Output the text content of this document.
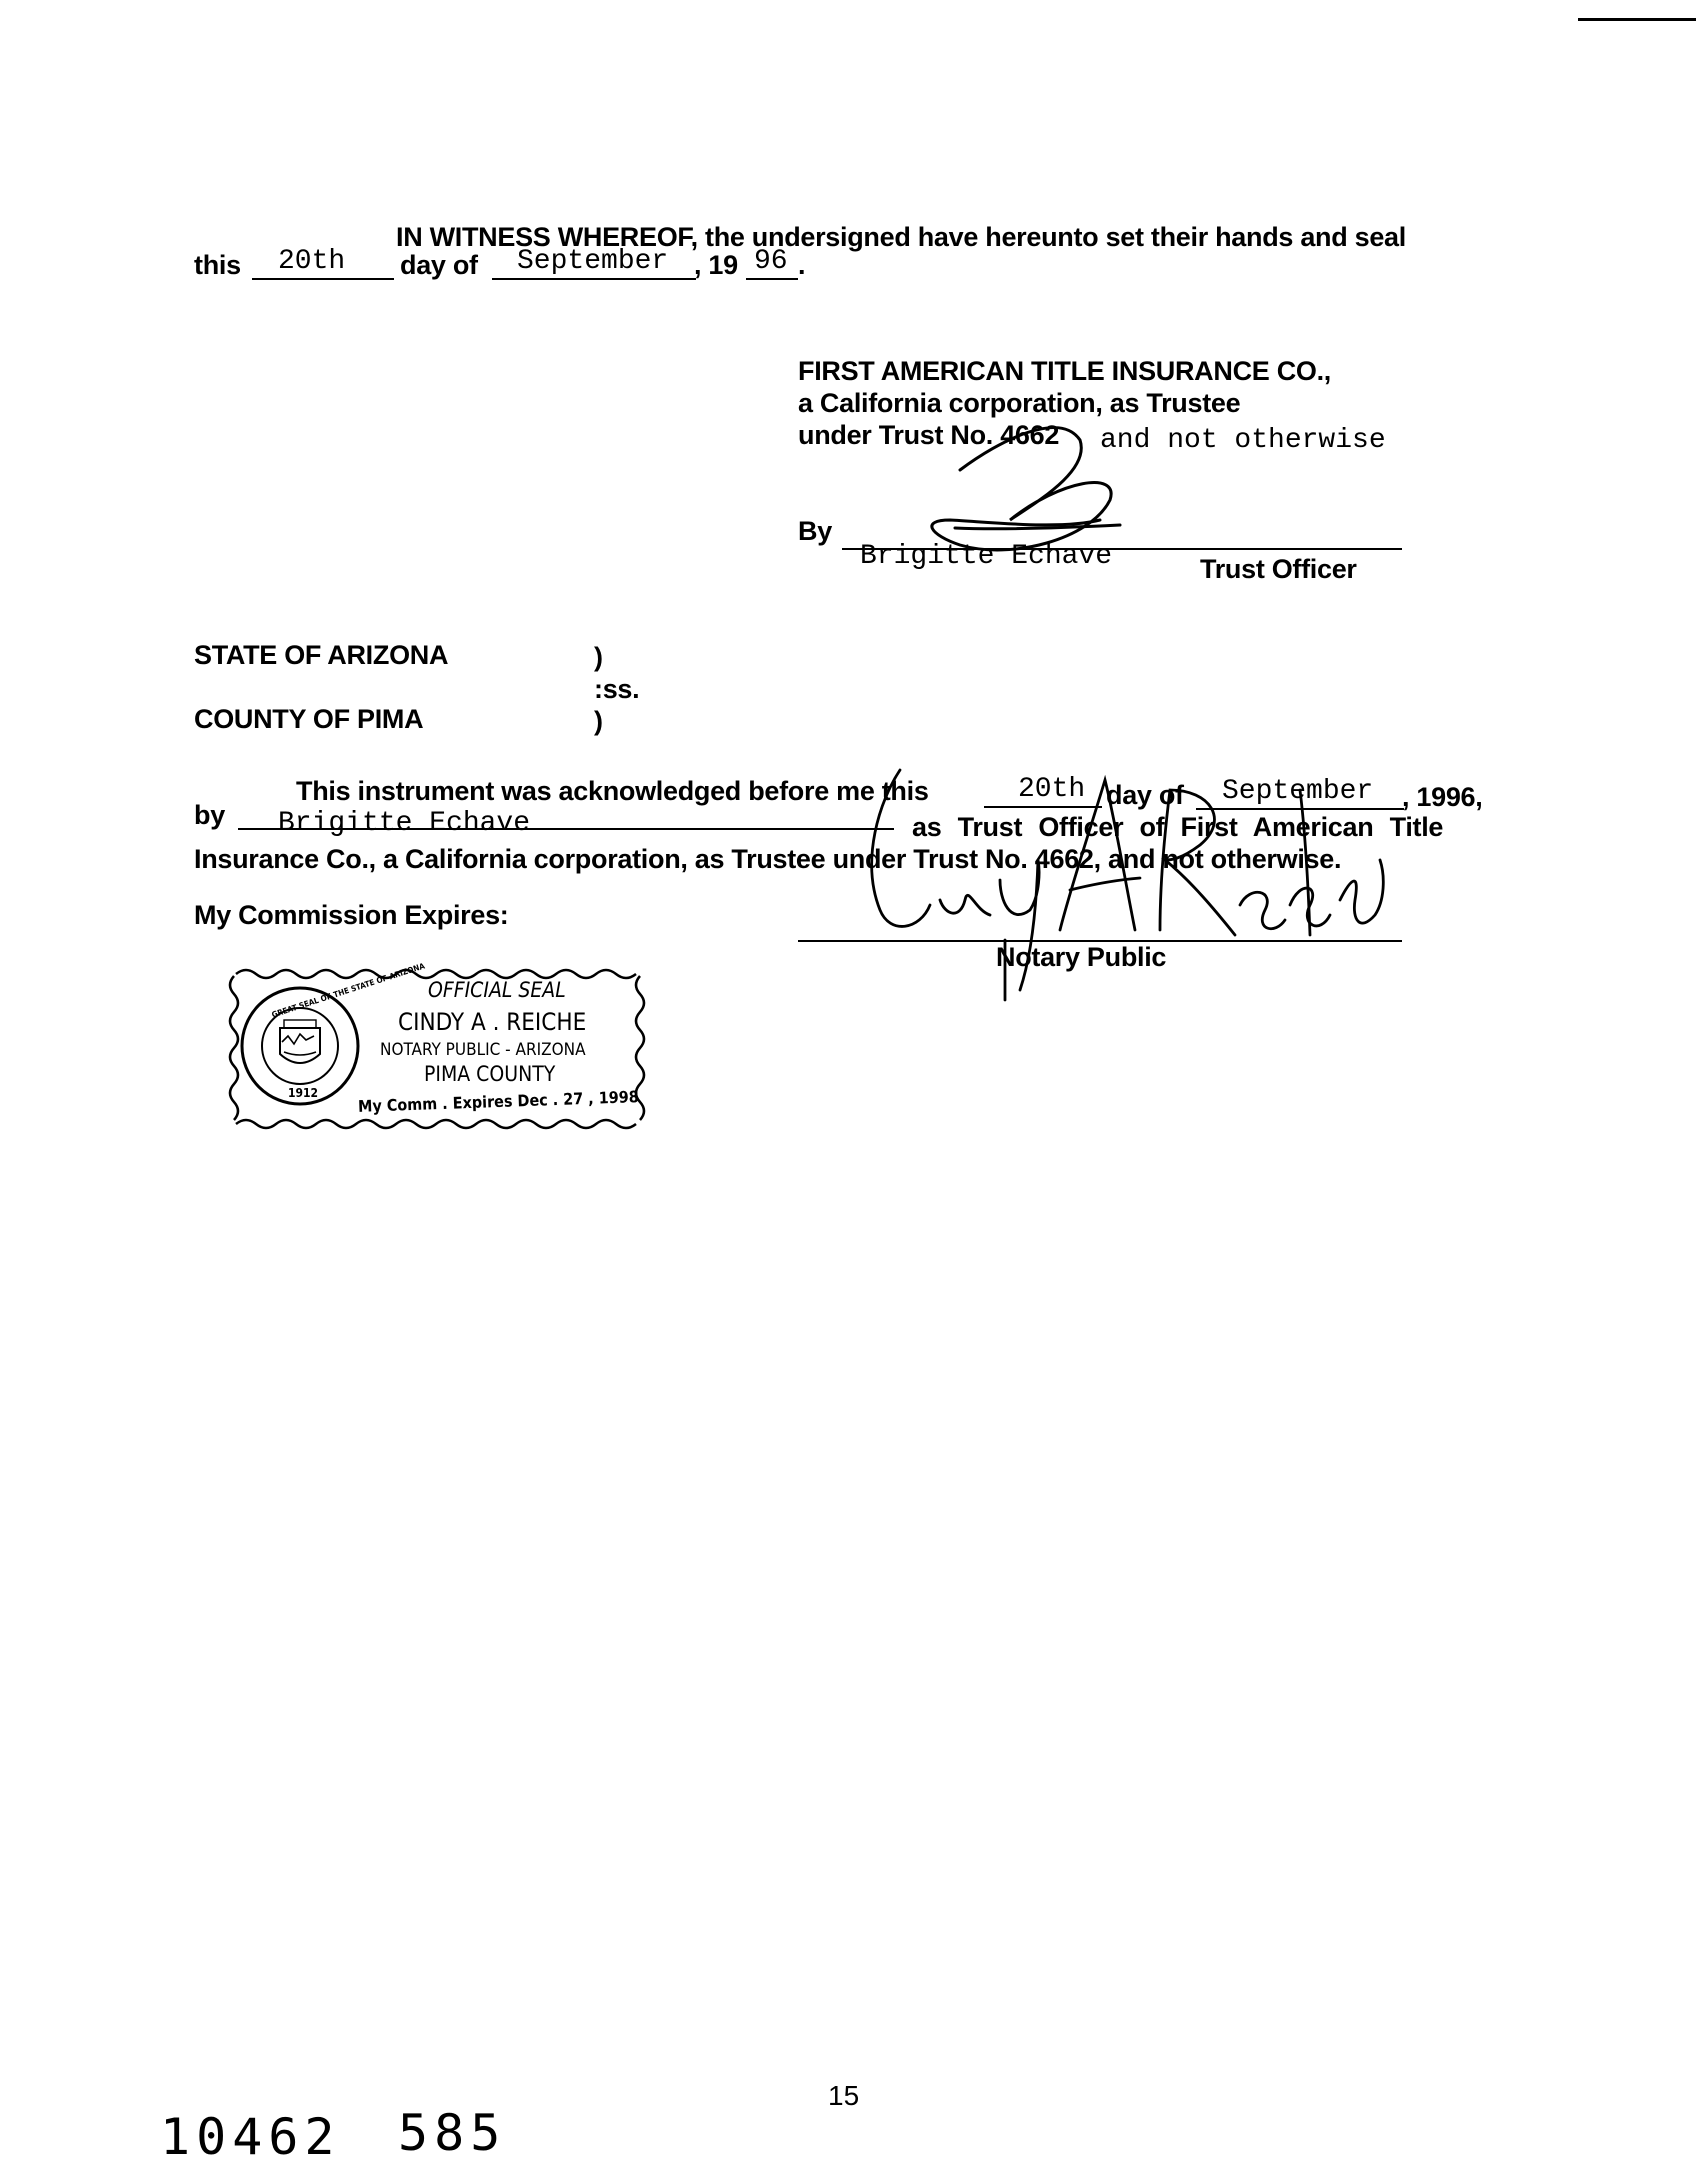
IN WITNESS WHEREOF, the undersigned have hereunto set their hands and seal
this 20th day of September , 19 96 .
FIRST AMERICAN TITLE INSURANCE CO.,
a California corporation, as Trustee
under Trust No. 4662 and not otherwise
By
Brigitte Echave	Trust Officer
STATE OF ARIZONA	)
:ss.
COUNTY OF PIMA	)
This instrument was acknowledged before me this	20th day of September , 1996,
by Brigitte Echave	as Trust Officer of First American Title
Insurance Co., a California corporation, as Trustee under Trust No. 4662, and not otherwise.
My Commission Expires:
Notary Public
GREAT SEAL OF THE STATE OF ARIZONA
1912
OFFICIAL SEAL
CINDY A . REICHE
NOTARY PUBLIC - ARIZONA
PIMA COUNTY
My Comm . Expires Dec . 27 , 1998
15
10462 585
